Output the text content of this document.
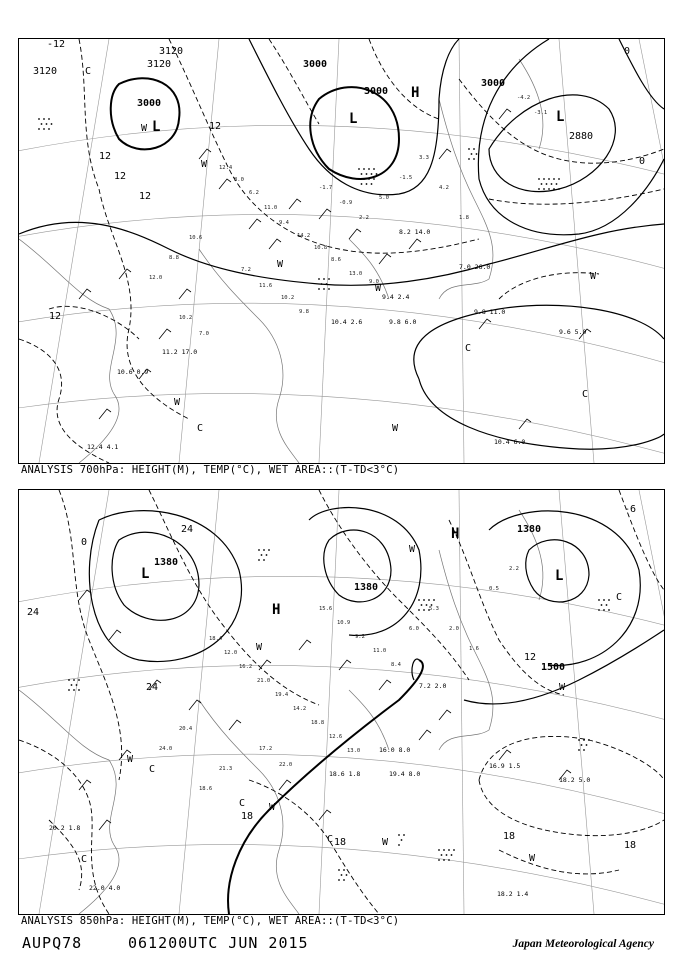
3120
3120
3000
3000
3000
3000
2880
3120
12
12
12
12
12	0
0
-12
L	L	L
H
W
W
W
W
W
W
W
C
C
C
C
9.8 11.0
9.6 5.0
10.4 6.0
12.4 4.1
11.2 17.0
10.6 0.9
7.0 26.0
8.2 14.0
9.4 2.4
9.8 6.0
10.4 2.6
12.4
8.0
6.2
11.0
9.4
14.2
10.8
8.6
13.0
9.0
7.2
11.6
10.2
9.8
-1.7
-0.9
2.2
5.0
-1.5
3.3
4.2
1.8
-4.2
-3.1
10.6
8.8
12.0
10.2
7.0
ANALYSIS 700hPa: HEIGHT(M), TEMP(°C), WET AREA::(T-TD<3°C)
1380
1380
1380
1500
24
24
24
18
18
18
18
12
0
-6
L	L
H
H
W
W
W
W
W
W
W
C
C
C
C
C	16.9 1.5
18.2 5.0
19.4 8.0
18.6 1.8
18.2 1.4
22.0 4.0
20.2 1.8
7.2 2.0
16.0 8.0
18.4
12.0
16.2
21.0
19.4
14.2
18.8
12.6
13.0
15.6
10.9
9.2
11.0
8.4
6.0
5.3
2.0
1.6
0.5
2.2
20.4
24.0
21.3
17.2
22.0
18.6
ANALYSIS 850hPa: HEIGHT(M), TEMP(°C), WET AREA::(T-TD<3°C)
AUPQ78	061200UTC JUN 2015	Japan Meteorological Agency
